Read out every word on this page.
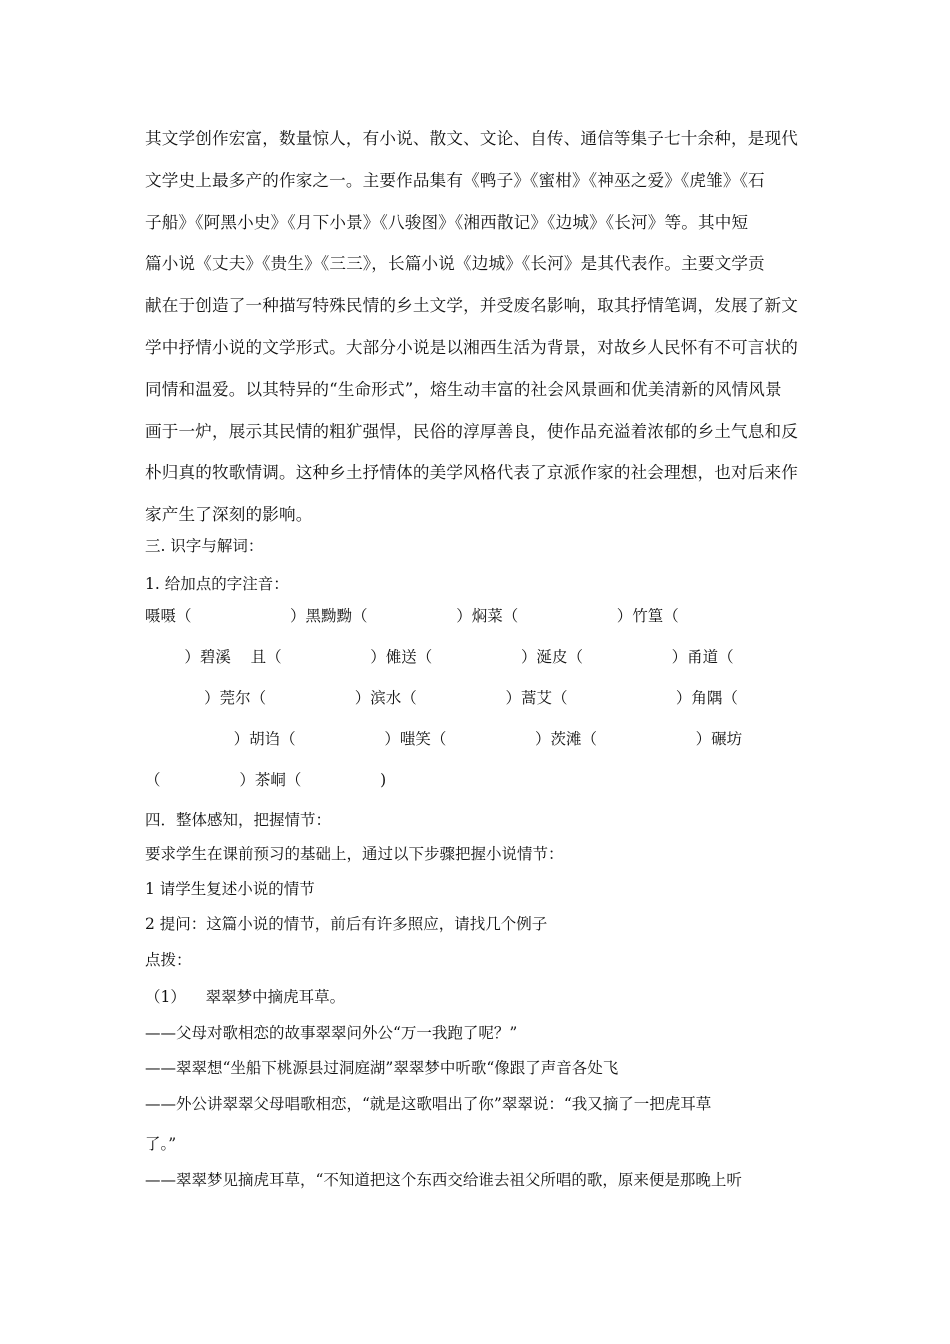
其文学创作宏富，数量惊人，有小说、散文、文论、自传、通信等集子七十余种，是现代
文学史上最多产的作家之一。主要作品集有《鸭子》《蜜柑》《神巫之爱》《虎雏》《石
子船》《阿黑小史》《月下小景》《八骏图》《湘西散记》《边城》《长河》等。其中短
篇小说《丈夫》《贵生》《三三》，长篇小说《边城》《长河》是其代表作。主要文学贡
献在于创造了一种描写特殊民情的乡土文学，并受废名影响，取其抒情笔调，发展了新文
学中抒情小说的文学形式。大部分小说是以湘西生活为背景，对故乡人民怀有不可言状的
同情和温爱。以其特异的“生命形式”，熔生动丰富的社会风景画和优美清新的风情风景
画于一炉，展示其民情的粗犷强悍，民俗的淳厚善良，使作品充溢着浓郁的乡土气息和反
朴归真的牧歌情调。这种乡土抒情体的美学风格代表了京派作家的社会理想，也对后来作
家产生了深刻的影响。
三. 识字与解词：
1. 给加点的字注音：
嗫嗫（                    ）黑黝黝（                  ）焖菜（                    ）竹篁（
）碧溪    且（                  ）傩送（                  ）涎皮（                  ）甬道（
）莞尔（                  ）滨水（                  ）蒿艾（                      ）角隅（
）胡诌（                  ）嗤笑（                  ）茨滩（                    ）碾坊
（                ）茶峒（                )
四．整体感知，把握情节：
要求学生在课前预习的基础上，通过以下步骤把握小说情节：
1 请学生复述小说的情节
2 提问：这篇小说的情节，前后有许多照应，请找几个例子
点拨：
（1）    翠翠梦中摘虎耳草。
——父母对歌相恋的故事翠翠问外公“万一我跑了呢？”
——翠翠想“坐船下桃源县过洞庭湖”翠翠梦中听歌“像跟了声音各处飞
——外公讲翠翠父母唱歌相恋，“就是这歌唱出了你”翠翠说：“我又摘了一把虎耳草
了。”
——翠翠梦见摘虎耳草，“不知道把这个东西交给谁去祖父所唱的歌，原来便是那晚上听
